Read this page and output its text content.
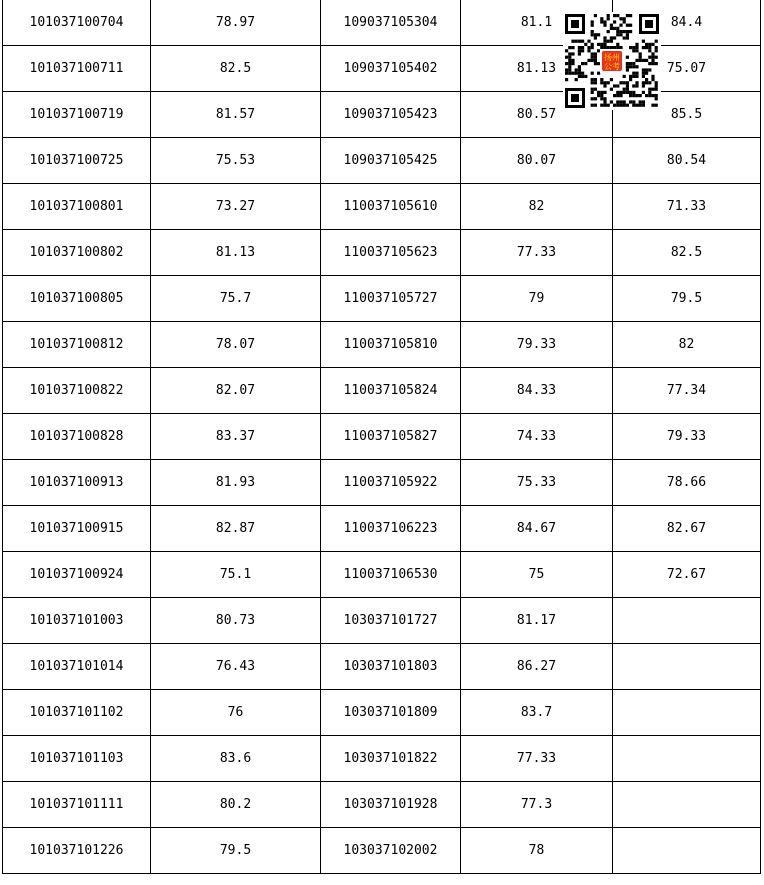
101037100704	78.97	109037105304	81.1	84.4
101037100711	82.5	109037105402	81.13	75.07
101037100719	81.57	109037105423	80.57	85.5
101037100725	75.53	109037105425	80.07	80.54
101037100801	73.27	110037105610	82	71.33
101037100802	81.13	110037105623	77.33	82.5
101037100805	75.7	110037105727	79	79.5
101037100812	78.07	110037105810	79.33	82
101037100822	82.07	110037105824	84.33	77.34
101037100828	83.37	110037105827	74.33	79.33
101037100913	81.93	110037105922	75.33	78.66
101037100915	82.87	110037106223	84.67	82.67
101037100924	75.1	110037106530	75	72.67
101037101003	80.73	103037101727	81.17	
101037101014	76.43	103037101803	86.27	
101037101102	76	103037101809	83.7	
101037101103	83.6	103037101822	77.33	
101037101111	80.2	103037101928	77.3	
101037101226	79.5	103037102002	78	
扬州
公考
